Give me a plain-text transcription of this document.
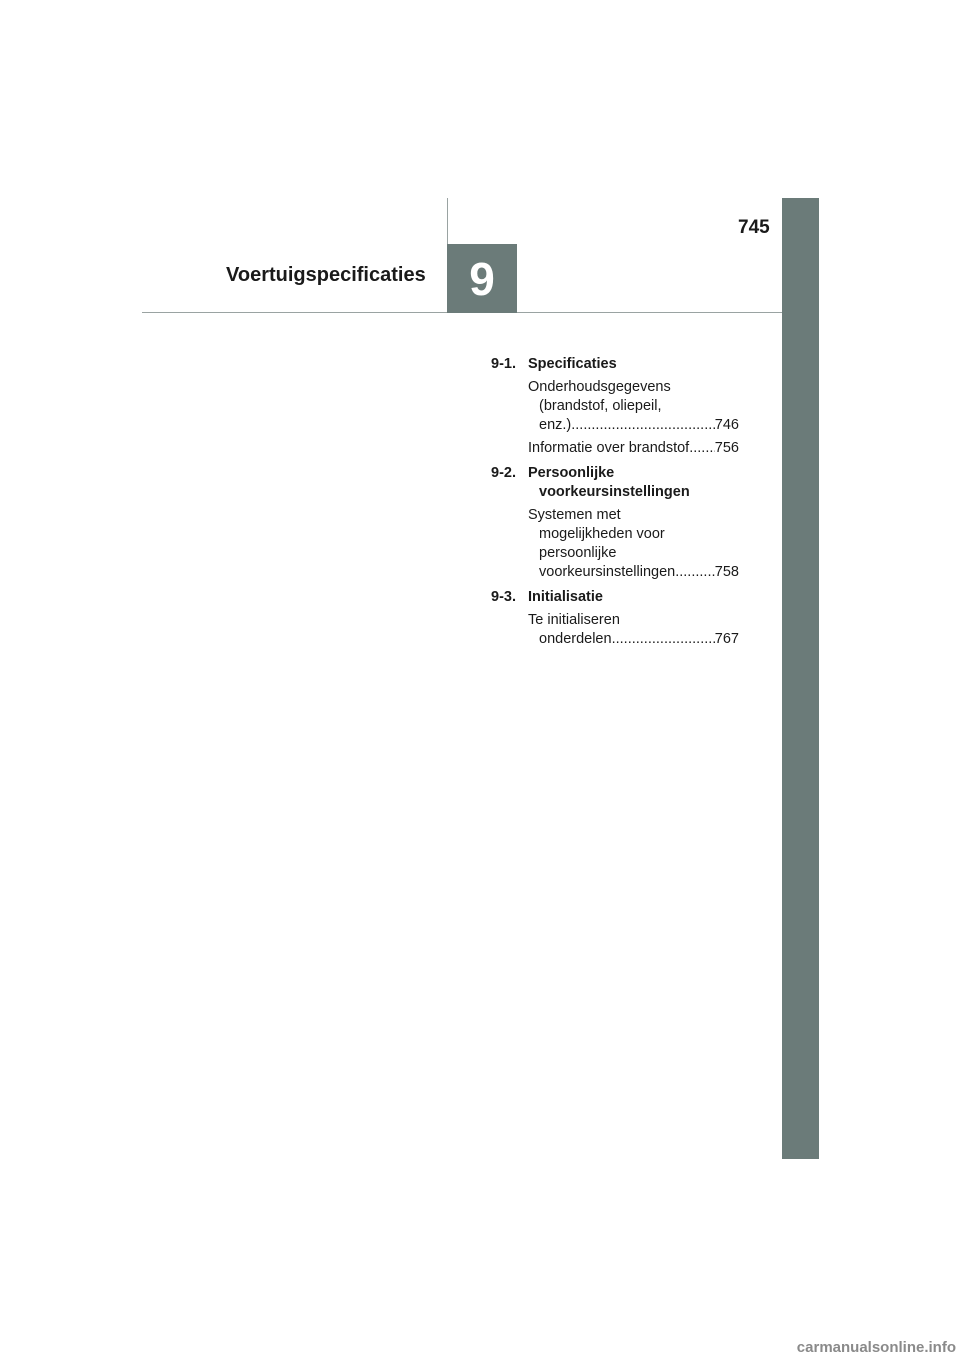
9
Voertuigspecificaties
745
9-1. Specificaties
Onderhoudsgegevens
(brandstof, oliepeil,
enz.) .....	746
Informatie over brandstof ..... 756
9-2. Persoonlijke
voorkeursinstellingen
Systemen met
mogelijkheden voor
persoonlijke
voorkeursinstellingen .....	758
9-3. Initialisatie
Te initialiseren
onderdelen .....	767
carmanualsonline.info
